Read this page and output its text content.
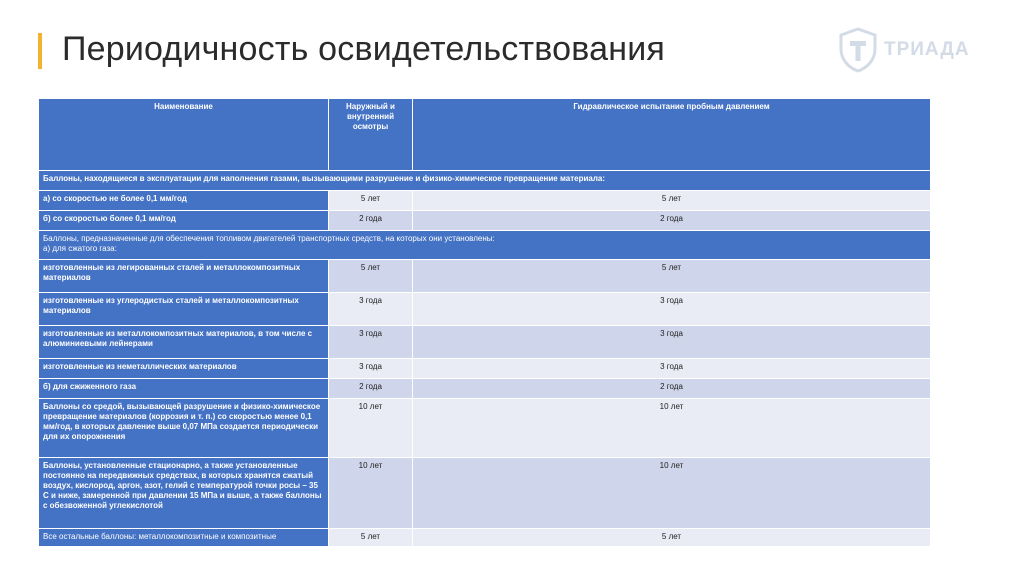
Периодичность освидетельствования	ТРИАДА
Наименование	Наружный и внутренний осмотры	Гидравлическое испытание пробным давлением
Баллоны, находящиеся в эксплуатации для наполнения газами, вызывающими разрушение и физико-химическое превращение материала:		
а) со скоростью не более 0,1 мм/год	5 лет	5 лет
б) со скоростью более 0,1 мм/год	2 года	2 года

Баллоны, предназначенные для обеспечения топливом двигателей транспортных средств, на которых они установлены:
а) для сжатого газа:		

изготовленные из легированных сталей и металлокомпозитных материалов	5 лет	5 лет
изготовленные из углеродистых сталей и металлокомпозитных материалов	3 года	3 года
изготовленные из металлокомпозитных материалов, в том числе с алюминиевыми лейнерами	3 года	3 года
изготовленные из неметаллических материалов	3 года	3 года
б) для сжиженного газа	2 года	2 года
Баллоны со средой, вызывающей разрушение и физико-химическое превращение материалов (коррозия и т. п.) со скоростью менее 0,1 мм/год, в которых давление выше 0,07 МПа создается периодически для их опорожнения	10 лет	10 лет
Баллоны, установленные стационарно, а также установленные постоянно на передвижных средствах, в которых хранятся сжатый воздух, кислород, аргон, азот, гелий с температурой точки росы – 35 С и ниже, замеренной при давлении 15 МПа и выше, а также баллоны с обезвоженной углекислотой	10 лет	10 лет
Все остальные баллоны: металлокомпозитные и композитные	5 лет	5 лет
